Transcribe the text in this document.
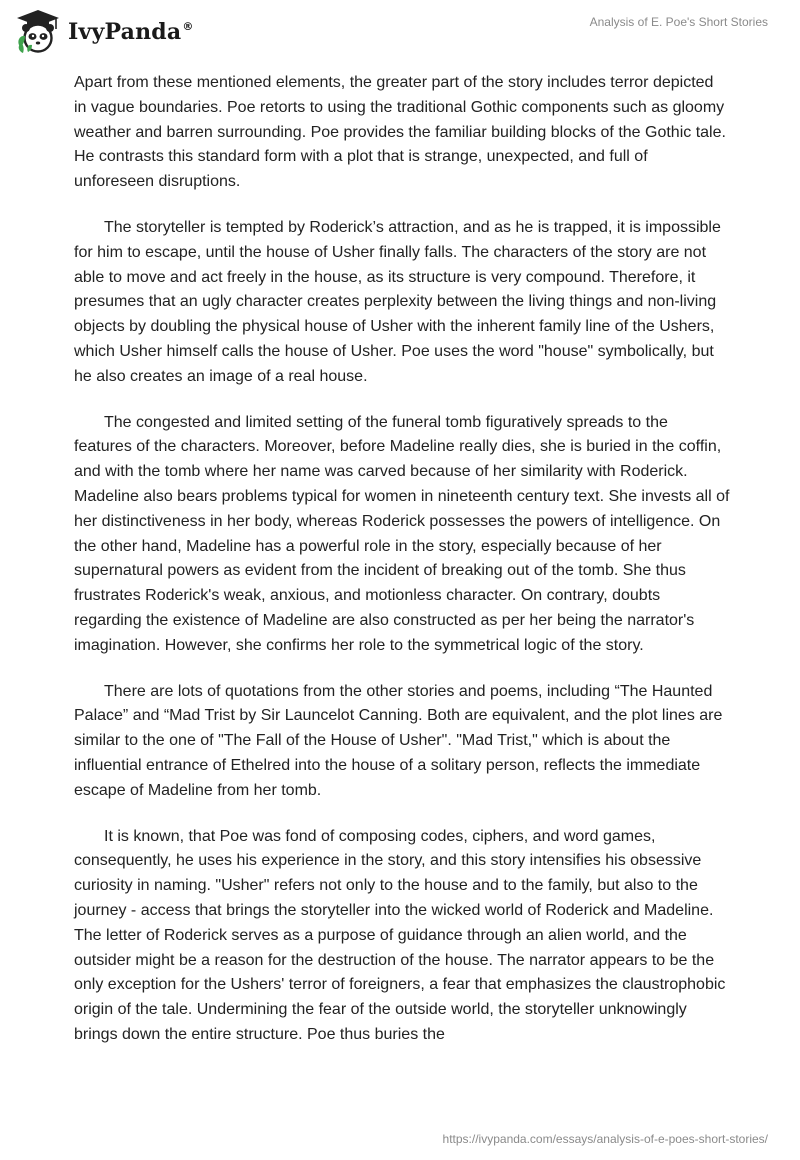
IvyPanda®	Analysis of E. Poe's Short Stories

Apart from these mentioned elements, the greater part of the story includes terror depicted in vague boundaries. Poe retorts to using the traditional Gothic components such as gloomy weather and barren surrounding. Poe provides the familiar building blocks of the Gothic tale. He contrasts this standard form with a plot that is strange, unexpected, and full of unforeseen disruptions.

The storyteller is tempted by Roderick’s attraction, and as he is trapped, it is impossible for him to escape, until the house of Usher finally falls. The characters of the story are not able to move and act freely in the house, as its structure is very compound. Therefore, it presumes that an ugly character creates perplexity between the living things and non-living objects by doubling the physical house of Usher with the inherent family line of the Ushers, which Usher himself calls the house of Usher. Poe uses the word "house" symbolically, but he also creates an image of a real house.

The congested and limited setting of the funeral tomb figuratively spreads to the features of the characters. Moreover, before Madeline really dies, she is buried in the coffin, and with the tomb where her name was carved because of her similarity with Roderick. Madeline also bears problems typical for women in nineteenth century text. She invests all of her distinctiveness in her body, whereas Roderick possesses the powers of intelligence. On the other hand, Madeline has a powerful role in the story, especially because of her supernatural powers as evident from the incident of breaking out of the tomb. She thus frustrates Roderick's weak, anxious, and motionless character. On contrary, doubts regarding the existence of Madeline are also constructed as per her being the narrator's imagination. However, she confirms her role to the symmetrical logic of the story.

There are lots of quotations from the other stories and poems, including “The Haunted Palace” and “Mad Trist by Sir Launcelot Canning. Both are equivalent, and the plot lines are similar to the one of "The Fall of the House of Usher". "Mad Trist," which is about the influential entrance of Ethelred into the house of a solitary person, reflects the immediate escape of Madeline from her tomb.

It is known, that Poe was fond of composing codes, ciphers, and word games, consequently, he uses his experience in the story, and this story intensifies his obsessive curiosity in naming. "Usher" refers not only to the house and to the family, but also to the journey - access that brings the storyteller into the wicked world of Roderick and Madeline. The letter of Roderick serves as a purpose of guidance through an alien world, and the outsider might be a reason for the destruction of the house. The narrator appears to be the only exception for the Ushers' terror of foreigners, a fear that emphasizes the claustrophobic origin of the tale. Undermining the fear of the outside world, the storyteller unknowingly brings down the entire structure. Poe thus buries the

https://ivypanda.com/essays/analysis-of-e-poes-short-stories/
